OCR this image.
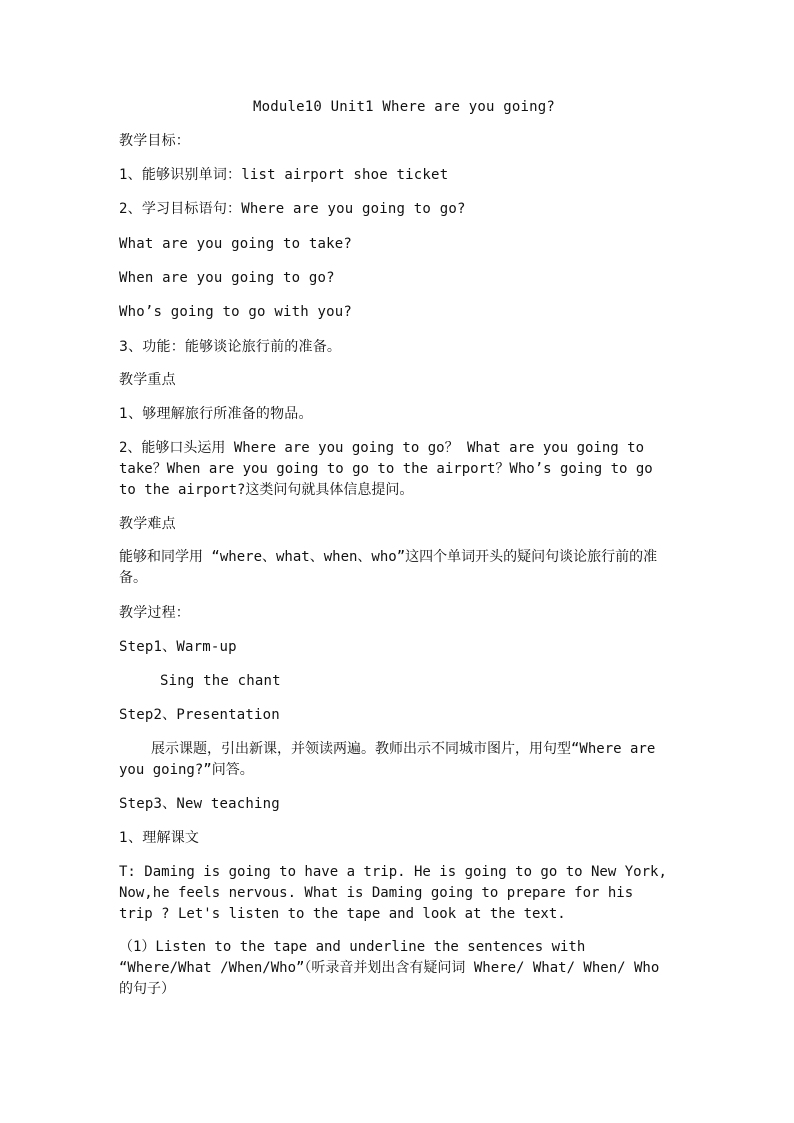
Module10 Unit1 Where are you going?
教学目标：
1、能够识别单词：list airport shoe ticket
2、学习目标语句：Where are you going to go?
What are you going to take?
When are you going to go?
Who’s going to go with you?
3、功能：能够谈论旅行前的准备。
教学重点
1、够理解旅行所准备的物品。
2、能够口头运用 Where are you going to go？ What are you going to take？When are you going to go to the airport？Who’s going to go to the airport?这类问句就具体信息提问。
教学难点
能够和同学用 “where、what、when、who”这四个单词开头的疑问句谈论旅行前的准备。
教学过程：
Step1、Warm-up
Sing the chant
Step2、Presentation
展示课题，引出新课，并领读两遍。教师出示不同城市图片，用句型“Where are you going?”问答。
Step3、New teaching
1、理解课文
T: Daming is going to have a trip. He is going to go to New York, Now,he feels nervous. What is Daming going to prepare for his trip ? Let's listen to the tape and look at the text.
（1）Listen to the tape and underline the sentences with “Where/What /When/Who”（听录音并划出含有疑问词 Where/ What/ When/ Who 的句子）
